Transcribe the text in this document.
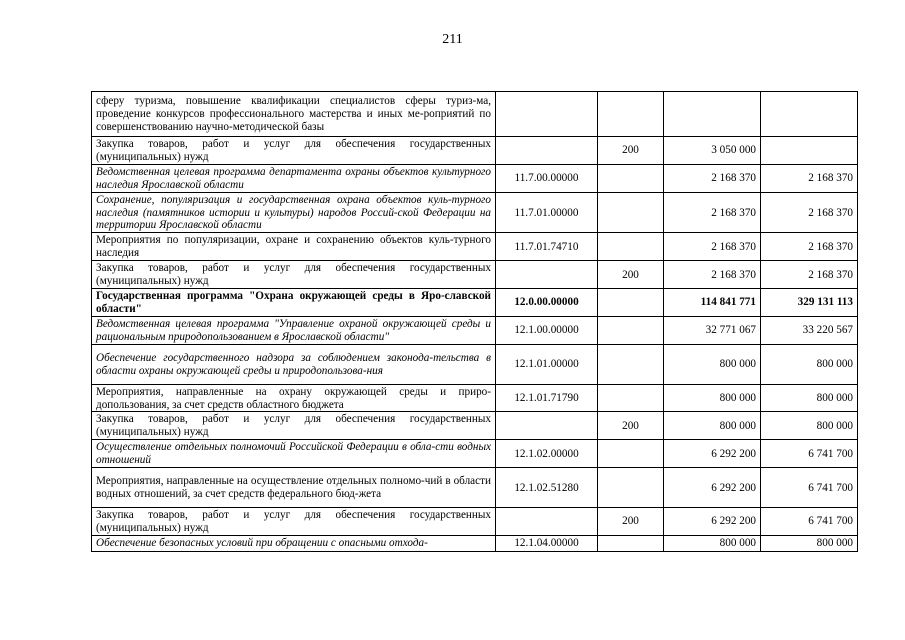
211
сферу туризма, повышение квалификации специалистов сферы туриз-ма, проведение конкурсов профессионального мастерства и иных ме-роприятий по совершенствованию научно-методической базы				
Закупка товаров, работ и услуг для обеспечения государственных (муниципальных) нужд		200	3 050 000	
Ведомственная целевая программа департамента охраны объектов культурного наследия Ярославской области	11.7.00.00000		2 168 370	2 168 370
Сохранение, популяризация и государственная охрана объектов куль-турного наследия (памятников истории и культуры) народов Россий-ской Федерации на территории Ярославской области	11.7.01.00000		2 168 370	2 168 370
Мероприятия по популяризации, охране и сохранению объектов куль-турного наследия	11.7.01.74710		2 168 370	2 168 370
Закупка товаров, работ и услуг для обеспечения государственных (муниципальных) нужд		200	2 168 370	2 168 370
Государственная программа "Охрана окружающей среды в Яро-славской области"	12.0.00.00000		114 841 771	329 131 113
Ведомственная целевая программа "Управление охраной окружающей среды и рациональным природопользованием в Ярославской области"	12.1.00.00000		32 771 067	33 220 567
Обеспечение государственного надзора за соблюдением законода-тельства в области охраны окружающей среды и природопользова-ния	12.1.01.00000		800 000	800 000
Мероприятия, направленные на охрану окружающей среды и приро-допользования, за счет средств областного бюджета	12.1.01.71790		800 000	800 000
Закупка товаров, работ и услуг для обеспечения государственных (муниципальных) нужд		200	800 000	800 000
Осуществление отдельных полномочий Российской Федерации в обла-сти водных отношений	12.1.02.00000		6 292 200	6 741 700
Мероприятия, направленные на осуществление отдельных полномо-чий в области водных отношений, за счет средств федерального бюд-жета	12.1.02.51280		6 292 200	6 741 700
Закупка товаров, работ и услуг для обеспечения государственных (муниципальных) нужд		200	6 292 200	6 741 700
Обеспечение безопасных условий при обращении с опасными отхода-	12.1.04.00000		800 000	800 000
